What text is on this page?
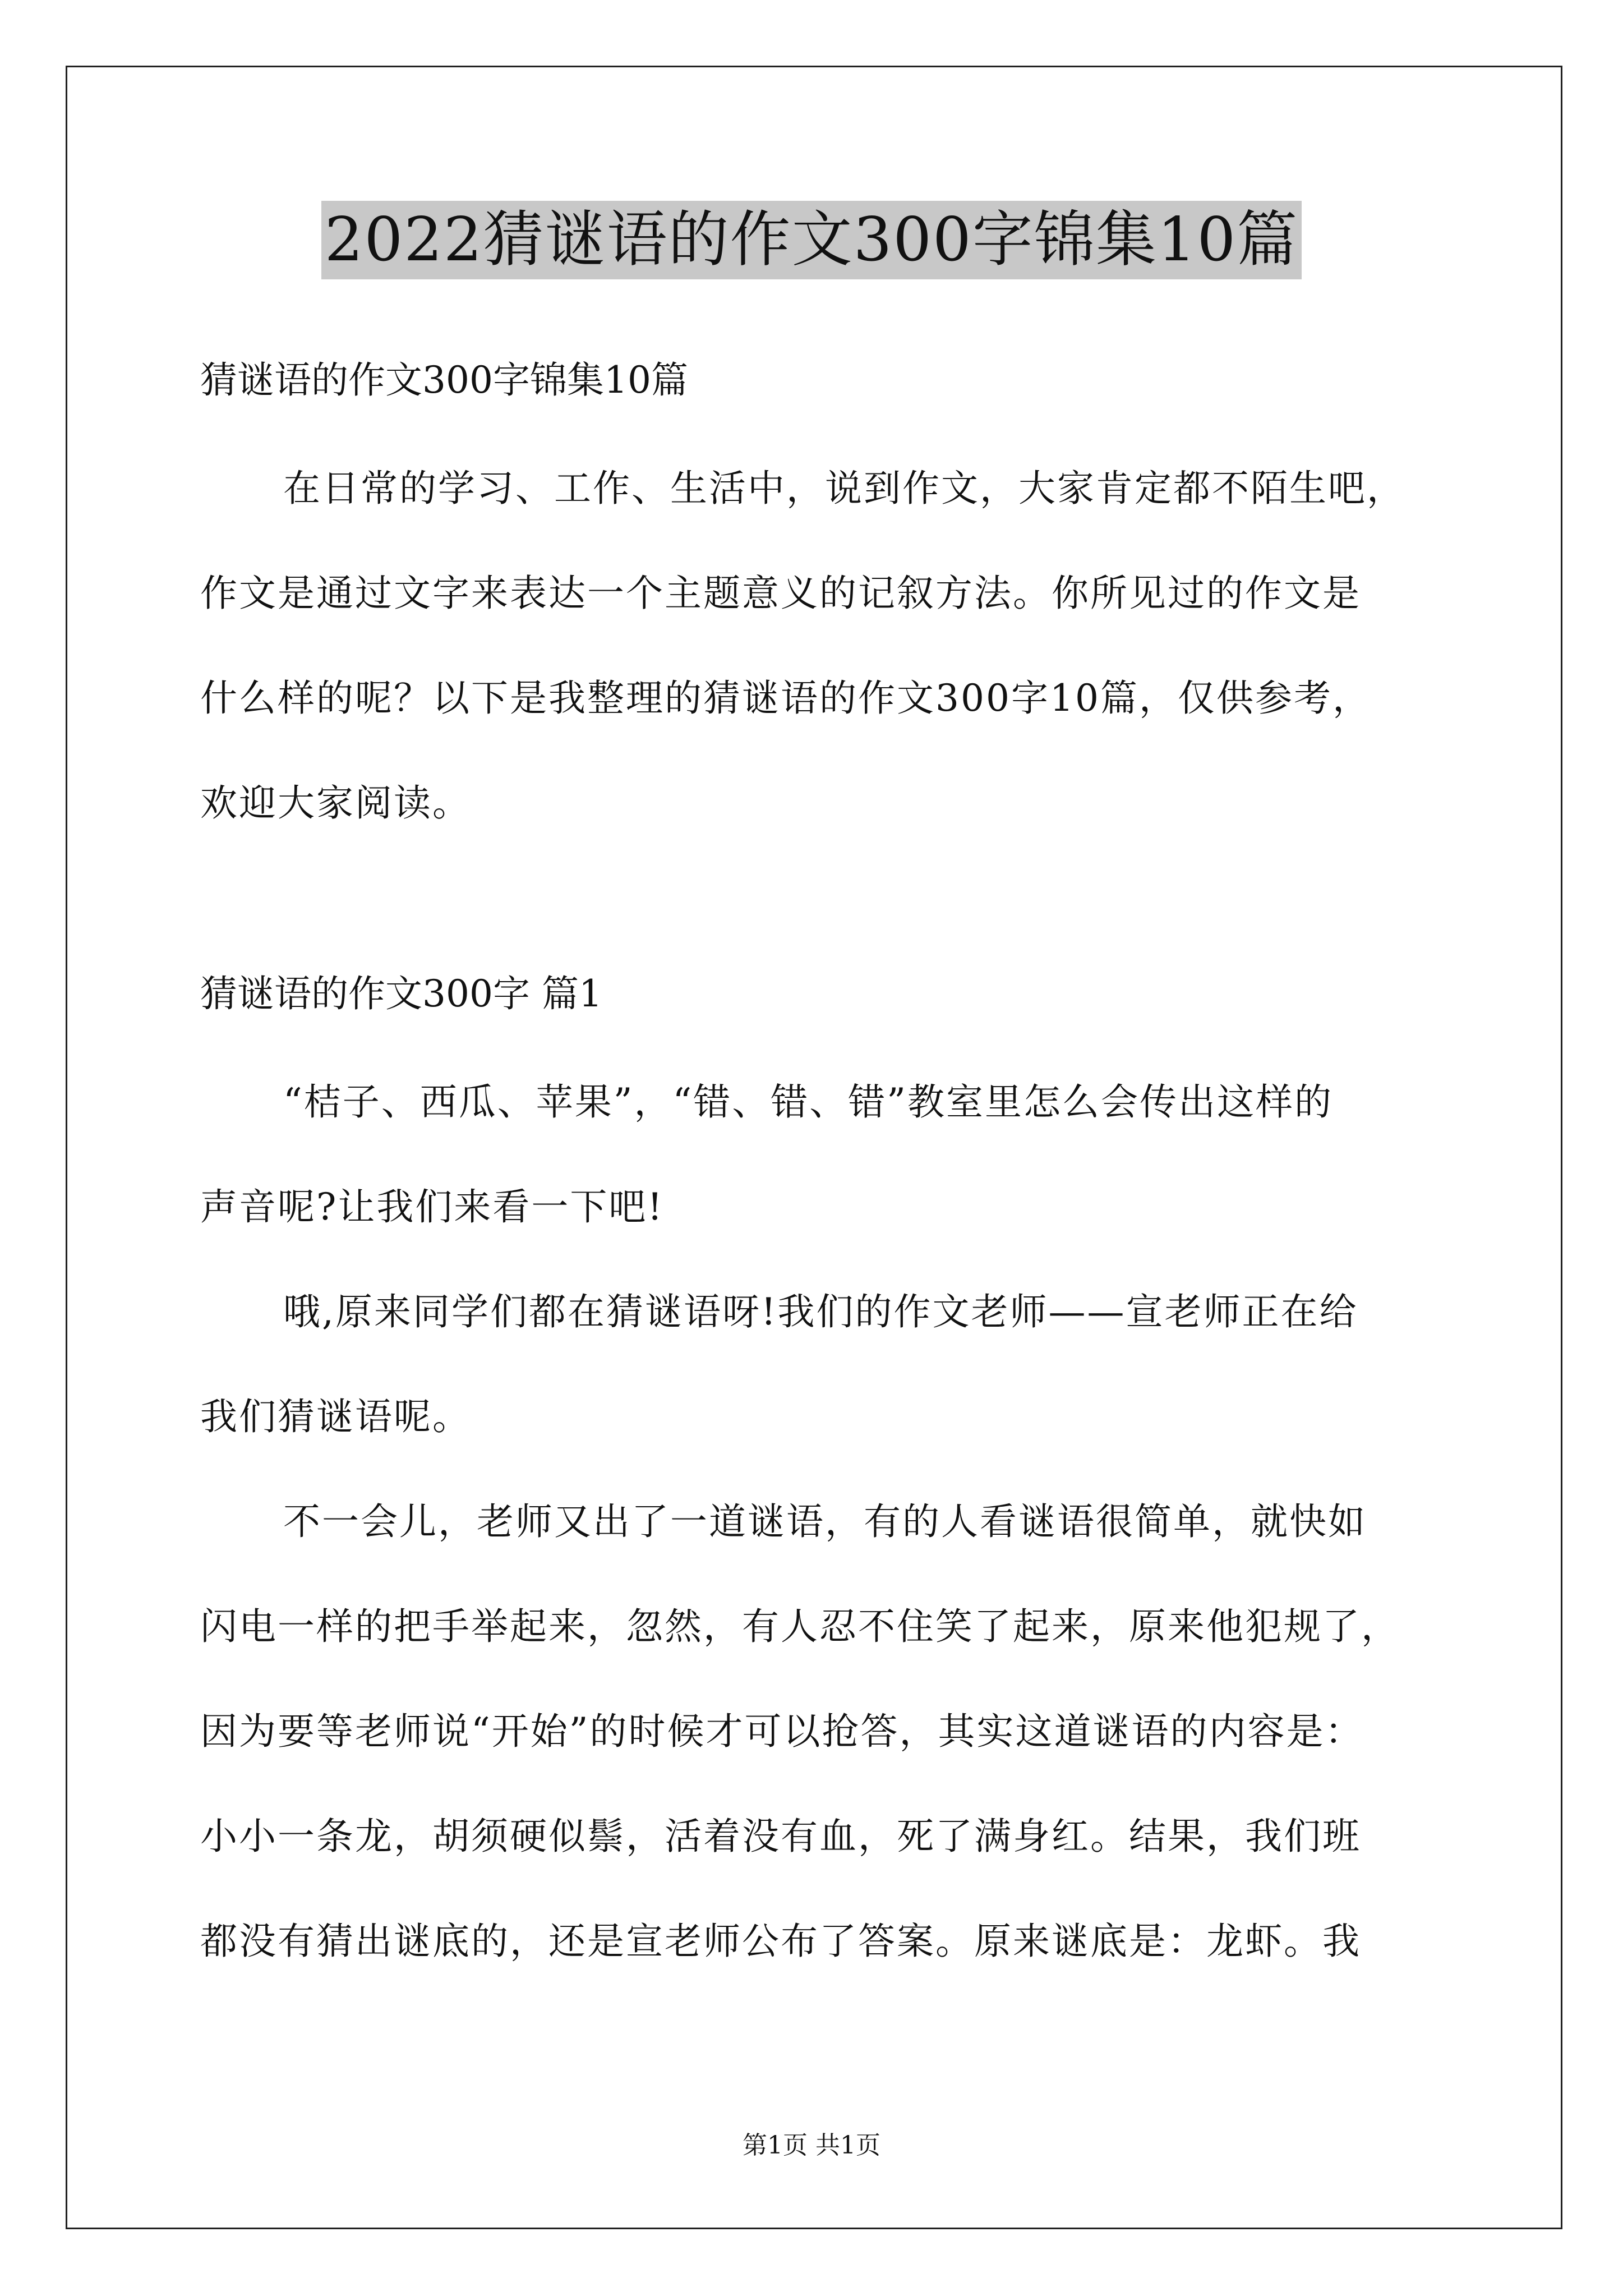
2022猜谜语的作文300字锦集10篇
猜谜语的作文300字锦集10篇
在日常的学习、工作、生活中，说到作文，大家肯定都不陌生吧，
作文是通过文字来表达一个主题意义的记叙方法。你所见过的作文是
什么样的呢？以下是我整理的猜谜语的作文300字10篇，仅供参考，
欢迎大家阅读。
猜谜语的作文300字 篇1
“桔子、西瓜、苹果”，“错、错、错”教室里怎么会传出这样的
声音呢?让我们来看一下吧!
哦,原来同学们都在猜谜语呀!我们的作文老师——宣老师正在给
我们猜谜语呢。
不一会儿，老师又出了一道谜语，有的人看谜语很简单，就快如
闪电一样的把手举起来，忽然，有人忍不住笑了起来，原来他犯规了，
因为要等老师说“开始”的时候才可以抢答，其实这道谜语的内容是：
小小一条龙，胡须硬似鬃，活着没有血，死了满身红。结果，我们班
都没有猜出谜底的，还是宣老师公布了答案。原来谜底是：龙虾。我
第1页 共1页
